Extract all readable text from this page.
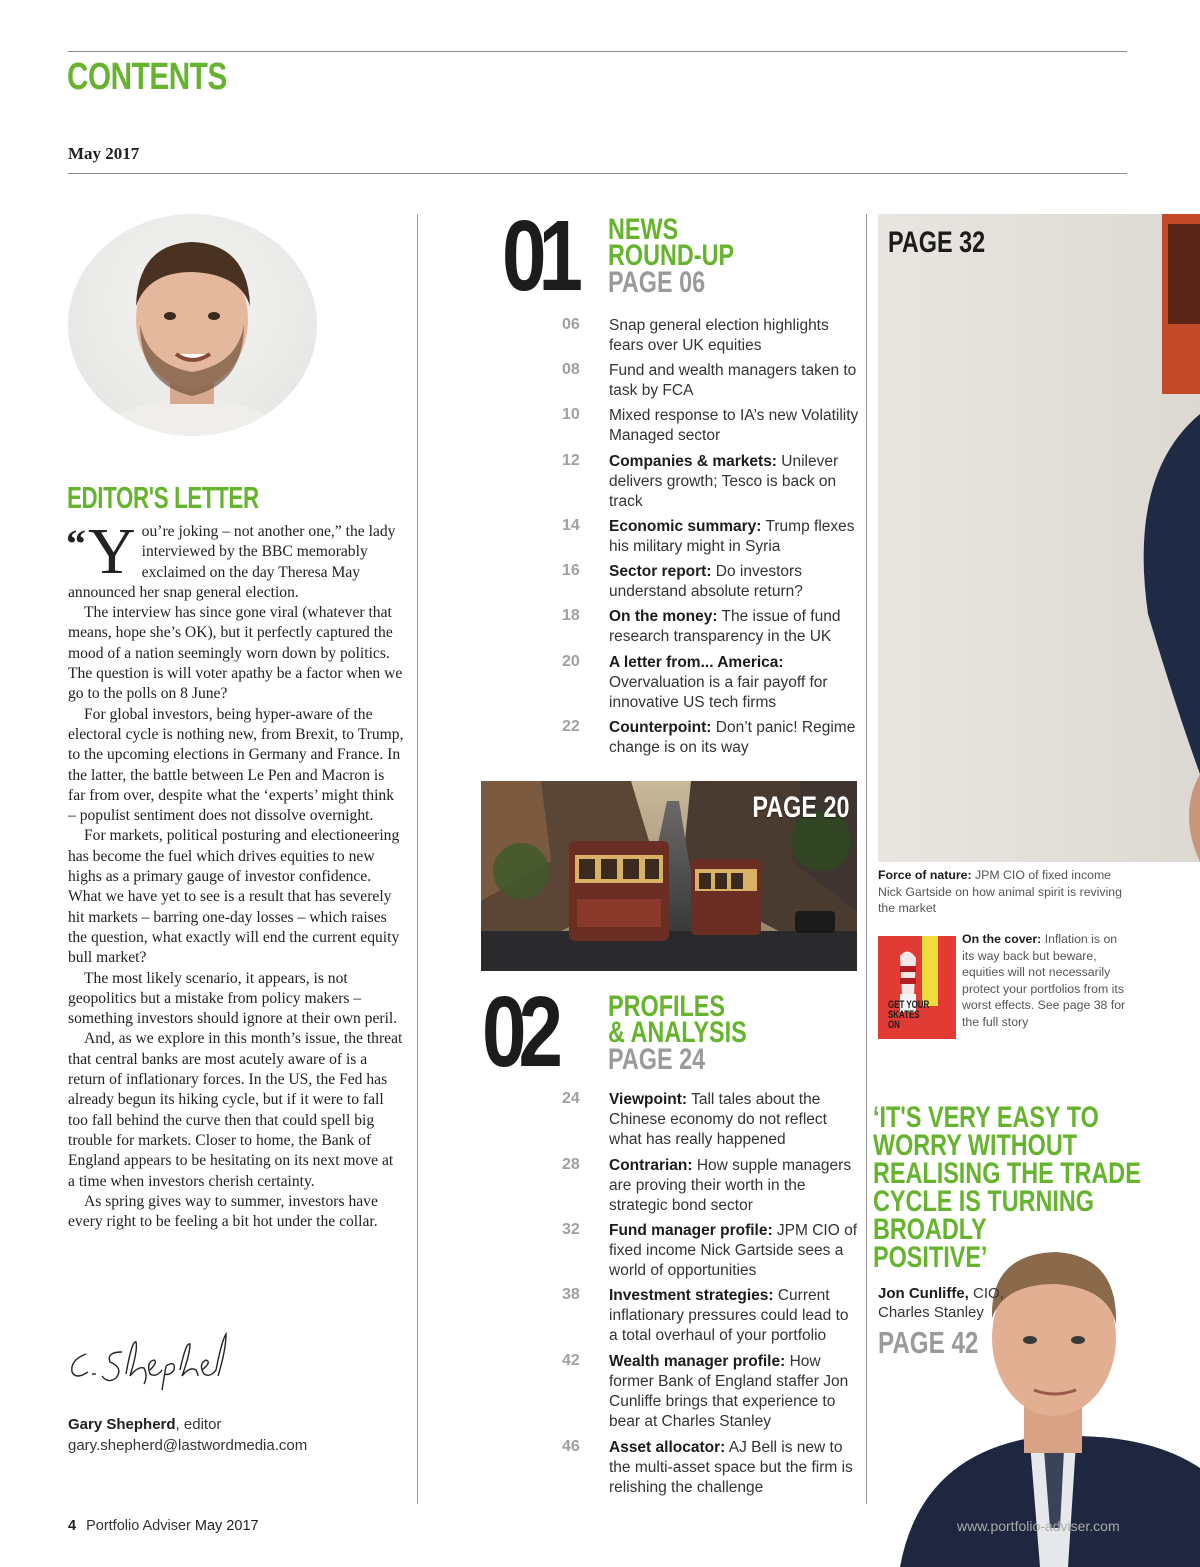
CONTENTS
May 2017
EDITOR'S LETTER

“ Y ou’re joking – not another one,” the lady interviewed by the BBC memorably exclaimed on the day Theresa May announced her snap general election.

The interview has since gone viral (whatever that means, hope she’s OK), but it perfectly captured the mood of a nation seemingly worn down by politics. The question is will voter apathy be a factor when we go to the polls on 8 June?

For global investors, being hyper-aware of the electoral cycle is nothing new, from Brexit, to Trump, to the upcoming elections in Germany and France. In the latter, the battle between Le Pen and Macron is far from over, despite what the ‘experts’ might think – populist sentiment does not dissolve overnight.

For markets, political posturing and electioneering has become the fuel which drives equities to new highs as a primary gauge of investor confidence. What we have yet to see is a result that has severely hit markets – barring one-day losses – which raises the question, what exactly will end the current equity bull market?

The most likely scenario, it appears, is not geopolitics but a mistake from policy makers – something investors should ignore at their own peril.

And, as we explore in this month’s issue, the threat that central banks are most acutely aware of is a return of inflationary forces. In the US, the Fed has already begun its hiking cycle, but if it were to fall too fall behind the curve then that could spell big trouble for markets. Closer to home, the Bank of England appears to be hesitating on its next move at a time when investors cherish certainty.

As spring gives way to summer, investors have every right to be feeling a bit hot under the collar.

Gary Shepherd, editor
gary.shepherd@lastwordmedia.com
01 NEWS
ROUND-UP
PAGE 06
06	Snap general election highlights fears over UK equities
08	Fund and wealth managers taken to task by FCA
10	Mixed response to IA’s new Volatility Managed sector
12	Companies & markets: Unilever delivers growth; Tesco is back on track
14	Economic summary: Trump flexes his military might in Syria
16	Sector report: Do investors understand absolute return?
18	On the money: The issue of fund research transparency in the UK
20	A letter from... America: Overvaluation is a fair payoff for innovative US tech firms
22	Counterpoint: Don’t panic! Regime change is on its way
PAGE 20
02 PROFILES
& ANALYSIS
PAGE 24
24	Viewpoint: Tall tales about the Chinese economy do not reflect what has really happened
28	Contrarian: How supple managers are proving their worth in the strategic bond sector
32	Fund manager profile: JPM CIO of fixed income Nick Gartside sees a world of opportunities
38	Investment strategies: Current inflationary pressures could lead to a total overhaul of your portfolio
42	Wealth manager profile: How former Bank of England staffer Jon Cunliffe brings that experience to bear at Charles Stanley
46	Asset allocator: AJ Bell is new to the multi-asset space but the firm is relishing the challenge
PAGE 32
Force of nature: JPM CIO of fixed income Nick Gartside on how animal spirit is reviving the market
GET YOUR SKATES ON
On the cover: Inflation is on its way back but beware, equities will not necessarily protect your portfolios from its worst effects. See page 38 for the full story
‘IT'S VERY EASY TO
WORRY WITHOUT
REALISING THE TRADE
CYCLE IS TURNING
BROADLY
POSITIVE’
Jon Cunliffe, CIO,
Charles Stanley
PAGE 42
4 Portfolio Adviser May 2017	www.portfolio-adviser.com
